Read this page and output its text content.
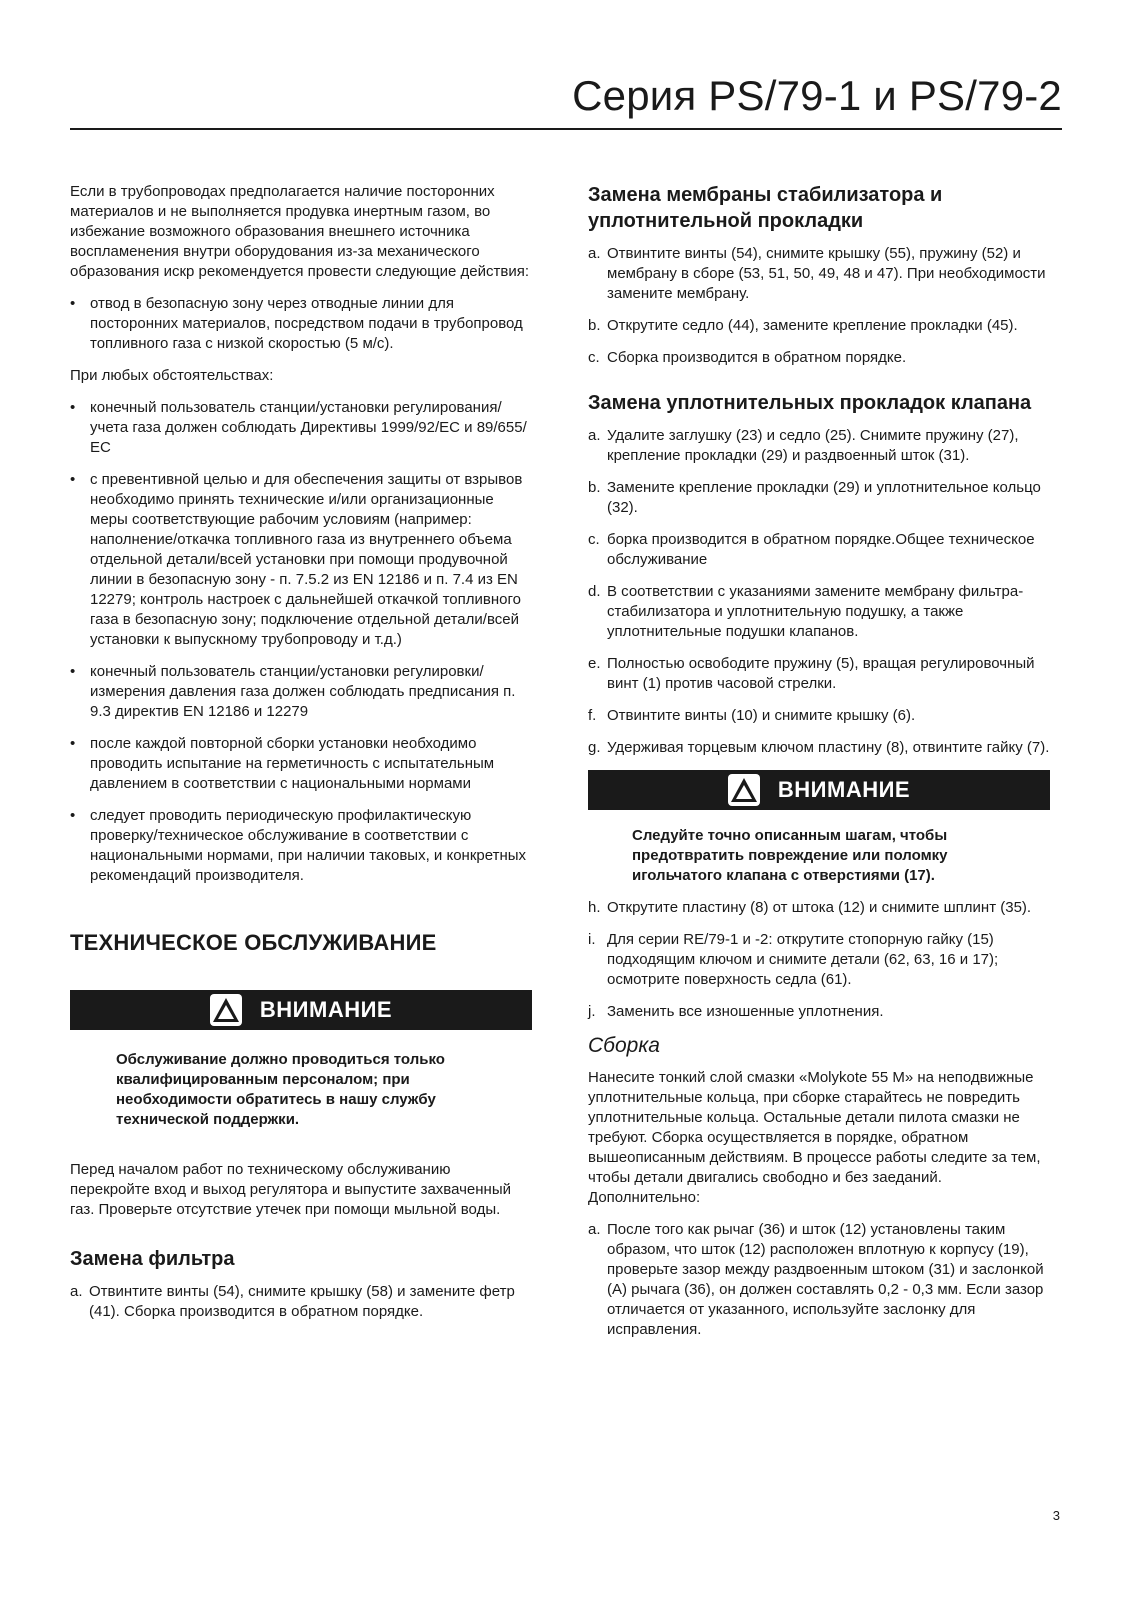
Серия PS/79-1 и PS/79-2

Если в трубопроводах предполагается наличие посторонних материалов и не выполняется продувка инертным газом, во избежание возможного образования внешнего источника воспламенения внутри оборудования из-за механического образования искр рекомендуется провести следующие действия:

• отвод в безопасную зону через отводные линии для посторонних материалов, посредством подачи в трубопровод топливного газа с низкой скоростью (5 м/с).

При любых обстоятельствах:

• конечный пользователь станции/установки регулирования/учета газа должен соблюдать Директивы 1999/92/ЕС и 89/655/ЕС
• с превентивной целью и для обеспечения защиты от взрывов необходимо принять технические и/или организационные меры соответствующие рабочим условиям (например: наполнение/откачка топливного газа из внутреннего объема отдельной детали/всей установки при помощи продувочной линии в безопасную зону - п. 7.5.2 из EN 12186 и п. 7.4 из EN 12279; контроль настроек с дальнейшей откачкой топливного газа в безопасную зону; подключение отдельной детали/всей установки к выпускному трубопроводу и т.д.)
• конечный пользователь станции/установки регулировки/измерения давления газа должен соблюдать предписания п. 9.3 директив EN 12186 и 12279
• после каждой повторной сборки установки необходимо проводить испытание на герметичность с испытательным давлением в соответствии с национальными нормами
• следует проводить периодическую профилактическую проверку/техническое обслуживание в соответствии с национальными нормами, при наличии таковых, и конкретных рекомендаций производителя.
ТЕХНИЧЕСКОЕ ОБСЛУЖИВАНИЕ
ВНИМАНИЕ

Обслуживание должно проводиться только квалифицированным персоналом; при необходимости обратитесь в нашу службу технической поддержки.

Перед началом работ по техническому обслуживанию перекройте вход и выход регулятора и выпустите захваченный газ. Проверьте отсутствие утечек при помощи мыльной воды.

Замена фильтра
a. Отвинтите винты (54), снимите крышку (58) и замените фетр (41). Сборка производится в обратном порядке.
Замена мембраны стабилизатора и уплотнительной прокладки
a. Отвинтите винты (54), снимите крышку (55), пружину (52) и мембрану в сборе (53, 51, 50, 49, 48 и 47). При необходимости замените мембрану.
b. Открутите седло (44), замените крепление прокладки (45).
c. Сборка производится в обратном порядке.
Замена уплотнительных прокладок клапана
a. Удалите заглушку (23) и седло (25). Снимите пружину (27), крепление прокладки (29) и раздвоенный шток (31).
b. Замените крепление прокладки (29) и уплотнительное кольцо (32).
c. борка производится в обратном порядке.Общее техническое обслуживание
d. В соответствии с указаниями замените мембрану фильтра-стабилизатора и уплотнительную подушку, а также уплотнительные подушки клапанов.
e. Полностью освободите пружину (5), вращая регулировочный винт (1) против часовой стрелки.
f. Отвинтите винты (10) и снимите крышку (6).
g. Удерживая торцевым ключом пластину (8), отвинтите гайку (7).
ВНИМАНИЕ

Следуйте точно описанным шагам, чтобы предотвратить повреждение или поломку игольчатого клапана с отверстиями (17).

h. Открутите пластину (8) от штока (12) и снимите шплинт (35).
i. Для серии RE/79-1 и -2: открутите стопорную гайку (15) подходящим ключом и снимите детали (62, 63, 16 и 17); осмотрите поверхность седла (61).
j. Заменить все изношенные уплотнения.
Сборка

Нанесите тонкий слой смазки «Molykote 55 M» на неподвижные уплотнительные кольца, при сборке старайтесь не повредить уплотнительные кольца. Остальные детали пилота смазки не требуют. Сборка осуществляется в порядке, обратном вышеописанным действиям. В процессе работы следите за тем, чтобы детали двигались свободно и без заеданий. Дополнительно:

a. После того как рычаг (36) и шток (12) установлены таким образом, что шток (12) расположен вплотную к корпусу (19), проверьте зазор между раздвоенным штоком (31) и заслонкой (A) рычага (36), он должен составлять 0,2 - 0,3 мм. Если зазор отличается от указанного, используйте заслонку для исправления.
3
